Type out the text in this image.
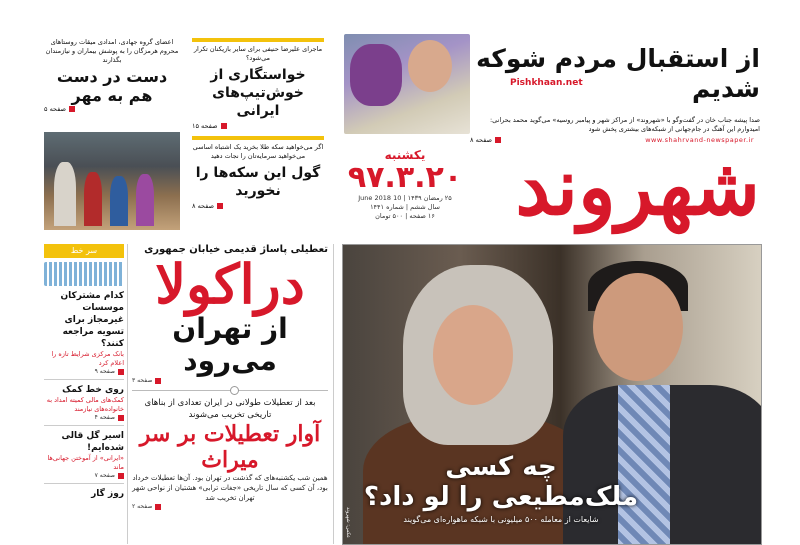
اعضای گروه جهادی، امدادی میقات روستاهای محروم هرمزگان را به پوشش بیماران و نیازمندان بگذارند
دست در دست هم به مهر
صفحه ۵
ماجرای علیرضا حنیفی برای سایر بازیکنان تکرار می‌شود؟
خواستگاری از خوش‌تیپ‌های ایرانی
صفحه ۱۵
اگر می‌خواهید سکه طلا بخرید یک اشتباه اساسی می‌خواهید سرمایه‌تان را نجات دهید
گول این سکه‌ها را نخورید
صفحه ۸
از استقبال مردم شوکه شدیم
Pishkhaan.net
صدا پیشه جناب خان در گفت‌وگو با «شهروند» از مراکز شهر و پیامبر روسیه» می‌گوید محمد بحرانی: امیدوارم این آهنگ در جام‌جهانی از شبکه‌های بیشتری پخش شود
صفحه ۸	www.shahrvand-newspaper.ir
شهروند
یکشنبه
۹۷.۳.۲۰
۲۵ رمضان ۱۴۳۹ | 10 June 2018
سال ششم | شماره ۱۴۴۱
۱۶ صفحه | ۵۰۰ تومان
سر خط
کدام مشترکان موسسات غیرمجاز برای تسویه مراجعه کنند؟
بانک مرکزی شرایط تازه را اعلام کرد
صفحه ۹
روی خط کمک
کمک‌های مالی کمیته امداد به خانواده‌های نیازمند
صفحه ۴
اسیر گل قالی شده‌ایم!
«ایرانی» از آموختن جهانی‌ها ماند
صفحه ۷
روز گار
تعطیلی پاساژ قدیمی خیابان جمهوری
دراکولا
از تهران می‌رود
صفحه ۳
بعد از تعطیلات طولانی در ایران تعدادی از بناهای تاریخی تخریب می‌شوند
آوار تعطیلات بر سر میراث
همین شب یکشنبه‌های که گذشت در تهران بود. آن‌ها تعطیلات خرداد بود، آن کسی که سال تاریخی «جغات ترابی» هشتیان از نواحی شهر تهران تخریب شد
صفحه ۲
چه کسی
ملک‌مطیعی را لو داد؟
شایعات از معامله ۵۰۰ میلیونی با شبکه ماهواره‌ای می‌گویند
عکس: شهروند
